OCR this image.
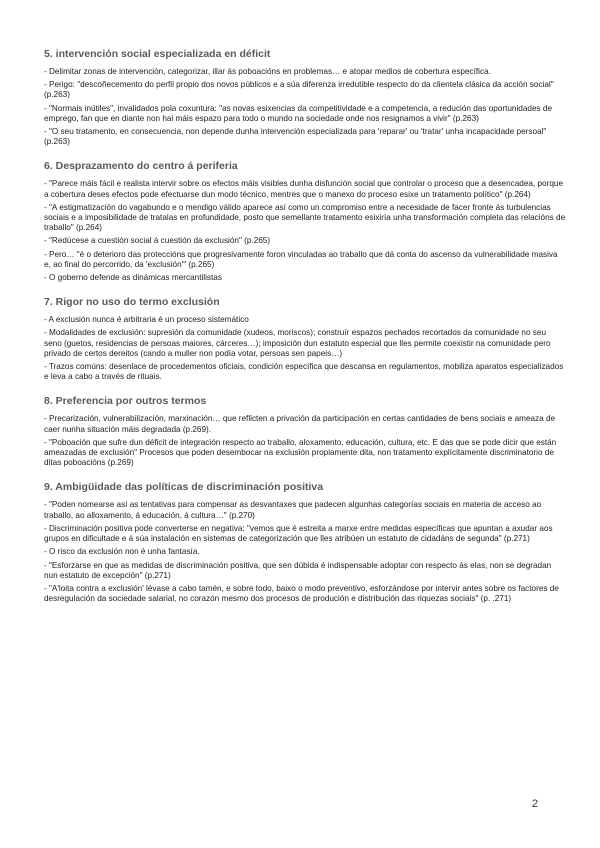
5. intervención social especializada en déficit

- Delimitar zonas de intervención, categorizar, illar ás poboacións en problemas… e atopar medios de cobertura específica.

- Perigo: "descoñecemento do perfil propio dos novos públicos e a súa diferenza irredutible respecto do da clientela clásica da acción social" (p.263)

- "Normais inútiles", invalidados pola coxuntura: "as novas esixencias da competitividade e a competencia, a redución das oportunidades de emprego, fan que en diante non hai máis espazo para todo o mundo na sociedade onde nos resignamos a vivir" (p.263)

- "O seu tratamento, en consecuencia, non depende dunha intervención especializada para 'reparar' ou 'tratar' unha incapacidade persoal" (p.263)

6. Desprazamento do centro á periferia

- "Parece máis fácil e realista intervir sobre os efectos máis visibles dunha disfunción social que controlar o proceso que a desencadea, porque a cobertura deses efectos pode efectuarse dun modo técnico, mentres que o manexo do proceso esixe un tratamento político" (p.264)

- "A estigmatización do vagabundo e o mendigo válido aparece así como un compromiso entre a necesidade de facer fronte ás turbulencias sociais e a imposibilidade de tratalas en profundidade, posto que semellante tratamento esixiría unha transformación completa das relacións de traballo" (p.264)

- "Redúcese a cuestión social á cuestión da exclusión" (p.265)

- Pero… "é o deterioro das proteccións que progresivamente foron vinculadas ao traballo que dá conta do ascenso da vulnerabilidade masiva e, ao final do percorrido, da 'exclusión'" (p.265)

- O goberno defende as dinámicas mercantilistas

7. Rigor no uso do termo exclusión

- A exclusión nunca é arbitraria é un proceso sistemático

- Modalidades de exclusión: supresión da comunidade (xudeos, moriscos); construír espazos pechados recortados da comunidade no seu seno (guetos, residencias de persoas maiores, cárceres…); imposición dun estatuto especial que lles permite coexistir na comunidade pero privado de certos dereitos (cando a muller non podía votar, persoas sen papeis…)

- Trazos comúns: desenlace de procedementos oficiais, condición específica que descansa en regulamentos, mobiliza aparatos especializados e leva a cabo a través de rituais.

8. Preferencia por outros termos

- Precarización, vulnerabilización, marxinación… que reflicten a privación da participación en certas cantidades de bens sociais e ameaza de caer nunha situación máis degradada (p.269).

- "Poboación que sufre dun déficit de integración respecto ao traballo, aloxamento, educación, cultura, etc. E das que se pode dicir que están ameazadas de exclusión" Procesos que poden desembocar na exclusión propiamente dita, non tratamento explícitamente discriminatorio de ditas poboacións (p.269)

9. Ambigüidade das políticas de discriminación positiva

- "Poden nomearse así as tentativas para compensar as desvantaxes que padecen algunhas categorías sociais en materia de acceso ao traballo, ao alloxamento, á educación, á cultura…" (p.270)

- Discriminación positiva pode converterse en negativa: "vemos que é estreita a marxe entre medidas específicas que apuntan a axudar aos grupos en dificultade e á súa instalación en sistemas de categorización que lles atribúen un estatuto de cidadáns de segunda" (p.271)

- O risco da exclusión non é unha fantasía.

- "Esforzarse en que as medidas de discriminación positiva, que sen dúbida é indispensable adoptar con respecto ás elas, non se degradan nun estatuto de excepción" (p.271)

- "A'loita contra a exclusión' lévase a cabo tamén, e sobre todo, baixo o modo preventivo, esforzándose por intervir antes sobre os factores de desregulación da sociedade salarial, no corazón mesmo dos procesos de produción e distribución das riquezas sociais" (p. .271)

2
